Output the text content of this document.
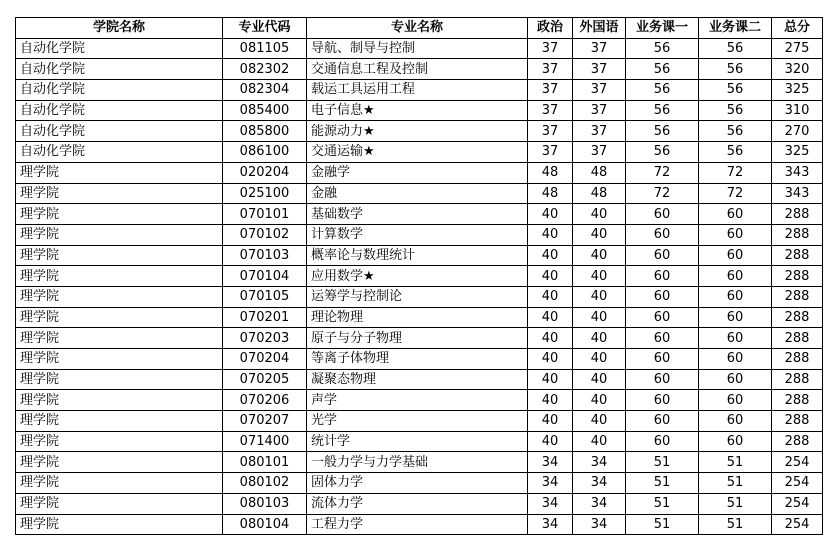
学院名称	专业代码	专业名称	政治	外国语	业务课一	业务课二	总分
自动化学院	081105	导航、制导与控制	37	37	56	56	275
自动化学院	082302	交通信息工程及控制	37	37	56	56	320
自动化学院	082304	载运工具运用工程	37	37	56	56	325
自动化学院	085400	电子信息★	37	37	56	56	310
自动化学院	085800	能源动力★	37	37	56	56	270
自动化学院	086100	交通运输★	37	37	56	56	325
理学院	020204	金融学	48	48	72	72	343
理学院	025100	金融	48	48	72	72	343
理学院	070101	基础数学	40	40	60	60	288
理学院	070102	计算数学	40	40	60	60	288
理学院	070103	概率论与数理统计	40	40	60	60	288
理学院	070104	应用数学★	40	40	60	60	288
理学院	070105	运筹学与控制论	40	40	60	60	288
理学院	070201	理论物理	40	40	60	60	288
理学院	070203	原子与分子物理	40	40	60	60	288
理学院	070204	等离子体物理	40	40	60	60	288
理学院	070205	凝聚态物理	40	40	60	60	288
理学院	070206	声学	40	40	60	60	288
理学院	070207	光学	40	40	60	60	288
理学院	071400	统计学	40	40	60	60	288
理学院	080101	一般力学与力学基础	34	34	51	51	254
理学院	080102	固体力学	34	34	51	51	254
理学院	080103	流体力学	34	34	51	51	254
理学院	080104	工程力学	34	34	51	51	254
